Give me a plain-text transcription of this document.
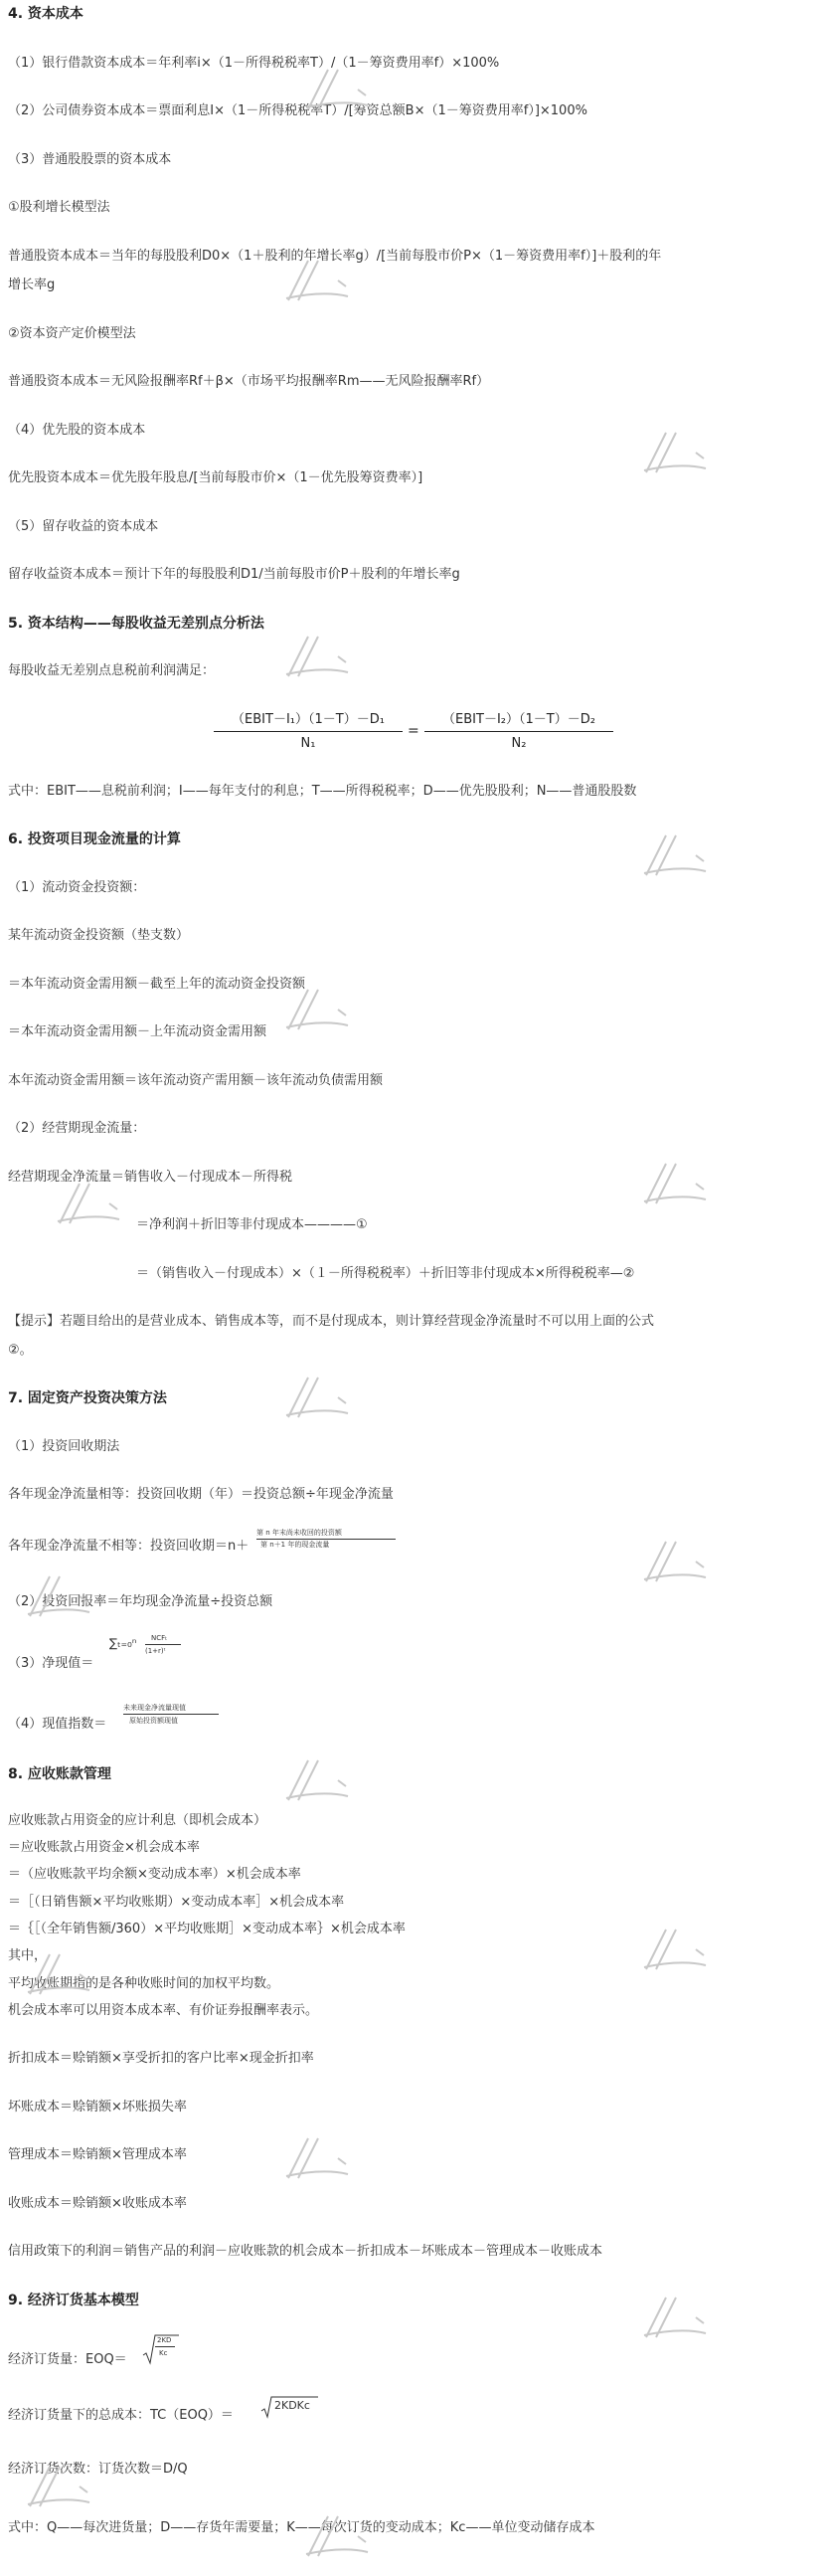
4. 资本成本
（1）银行借款资本成本＝年利率i×（1－所得税税率T）/（1－筹资费用率f）×100%
（2）公司债券资本成本＝票面利息I×（1－所得税税率T）/[筹资总额B×（1－筹资费用率f）]×100%
（3）普通股股票的资本成本
①股利增长模型法
普通股资本成本＝当年的每股股利D0×（1＋股利的年增长率g）/[当前每股市价P×（1－筹资费用率f）]＋股利的年
增长率g
②资本资产定价模型法
普通股资本成本＝无风险报酬率Rf＋β×（市场平均报酬率Rm——无风险报酬率Rf）
（4）优先股的资本成本
优先股资本成本＝优先股年股息/[当前每股市价×（1－优先股筹资费率）]
（5）留存收益的资本成本
留存收益资本成本＝预计下年的每股股利D1/当前每股市价P＋股利的年增长率g
5. 资本结构——每股收益无差别点分析法
每股收益无差别点息税前利润满足：
（EBIT－I₁）（1－T）－D₁
N₁
=
（EBIT－I₂）（1－T）－D₂
N₂
式中：EBIT——息税前利润；I——每年支付的利息；T——所得税税率；D——优先股股利；N——普通股股数
6. 投资项目现金流量的计算
（1）流动资金投资额：
某年流动资金投资额（垫支数）
＝本年流动资金需用额－截至上年的流动资金投资额
＝本年流动资金需用额－上年流动资金需用额
本年流动资金需用额＝该年流动资产需用额－该年流动负债需用额
（2）经营期现金流量：
经营期现金净流量＝销售收入－付现成本－所得税
＝净利润＋折旧等非付现成本————①
＝（销售收入－付现成本）×（１－所得税税率）＋折旧等非付现成本×所得税税率—②
【提示】若题目给出的是营业成本、销售成本等，而不是付现成本，则计算经营现金净流量时不可以用上面的公式
②。
7. 固定资产投资决策方法
（1）投资回收期法
各年现金净流量相等：投资回收期（年）＝投资总额÷年现金净流量
各年现金净流量不相等：投资回收期＝n＋
第 n 年末尚未收回的投资额
第 n＋1 年的现金流量
（2）投资回报率＝年均现金净流量÷投资总额
（3）净现值＝
∑ₜ₌₀ⁿ NCFₜ
(1+r)ᵗ
（4）现值指数＝
未来现金净流量现值
原始投资额现值
8. 应收账款管理
应收账款占用资金的应计利息（即机会成本）
＝应收账款占用资金×机会成本率
＝（应收账款平均余额×变动成本率）×机会成本率
＝［（日销售额×平均收账期）×变动成本率］×机会成本率
＝｛［（全年销售额/360）×平均收账期］×变动成本率｝×机会成本率
其中，
平均收账期指的是各种收账时间的加权平均数。
机会成本率可以用资本成本率、有价证券报酬率表示。
折扣成本＝赊销额×享受折扣的客户比率×现金折扣率
坏账成本＝赊销额×坏账损失率
管理成本＝赊销额×管理成本率
收账成本＝赊销额×收账成本率
信用政策下的利润＝销售产品的利润－应收账款的机会成本－折扣成本－坏账成本－管理成本－收账成本
9. 经济订货基本模型
经济订货量：EOQ＝
2KD
Kc
经济订货量下的总成本：TC（EOQ）＝
2KDKc
经济订货次数：订货次数＝D/Q
式中：Q——每次进货量；D——存货年需要量；K——每次订货的变动成本；Kc——单位变动储存成本
